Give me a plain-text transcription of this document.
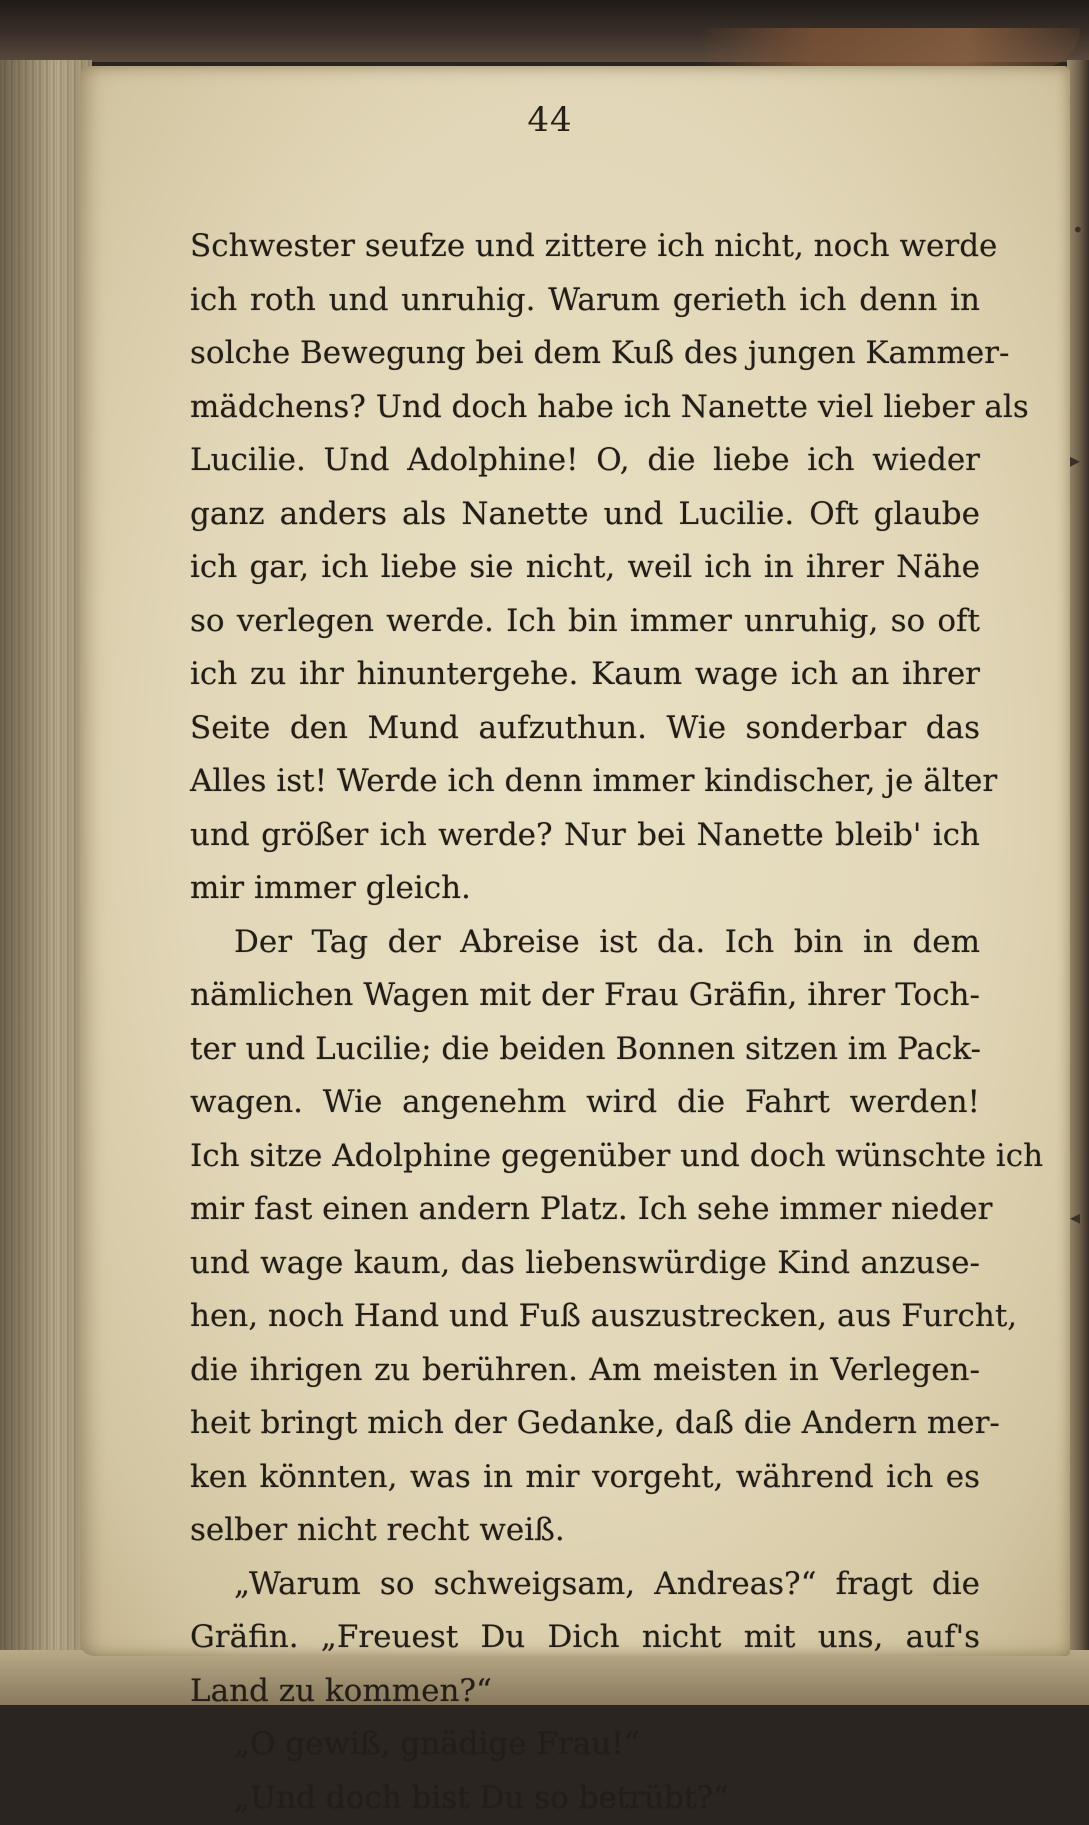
44
Schwester seufze und zittere ich nicht, noch werde
ich roth und unruhig. Warum gerieth ich denn in
solche Bewegung bei dem Kuß des jungen Kammer-
mädchens? Und doch habe ich Nanette viel lieber als
Lucilie. Und Adolphine! O, die liebe ich wieder
ganz anders als Nanette und Lucilie. Oft glaube
ich gar, ich liebe sie nicht, weil ich in ihrer Nähe
so verlegen werde. Ich bin immer unruhig, so oft
ich zu ihr hinuntergehe. Kaum wage ich an ihrer
Seite den Mund aufzuthun. Wie sonderbar das
Alles ist! Werde ich denn immer kindischer, je älter
und größer ich werde? Nur bei Nanette bleib' ich
mir immer gleich.
Der Tag der Abreise ist da. Ich bin in dem
nämlichen Wagen mit der Frau Gräfin, ihrer Toch-
ter und Lucilie; die beiden Bonnen sitzen im Pack-
wagen. Wie angenehm wird die Fahrt werden!
Ich sitze Adolphine gegenüber und doch wünschte ich
mir fast einen andern Platz. Ich sehe immer nieder
und wage kaum, das liebenswürdige Kind anzuse-
hen, noch Hand und Fuß auszustrecken, aus Furcht,
die ihrigen zu berühren. Am meisten in Verlegen-
heit bringt mich der Gedanke, daß die Andern mer-
ken könnten, was in mir vorgeht, während ich es
selber nicht recht weiß.
„Warum so schweigsam, Andreas?“ fragt die
Gräfin. „Freuest Du Dich nicht mit uns, auf's
Land zu kommen?“
„O gewiß, gnädige Frau!“
„Und doch bist Du so betrübt?“
•
▸
◂
